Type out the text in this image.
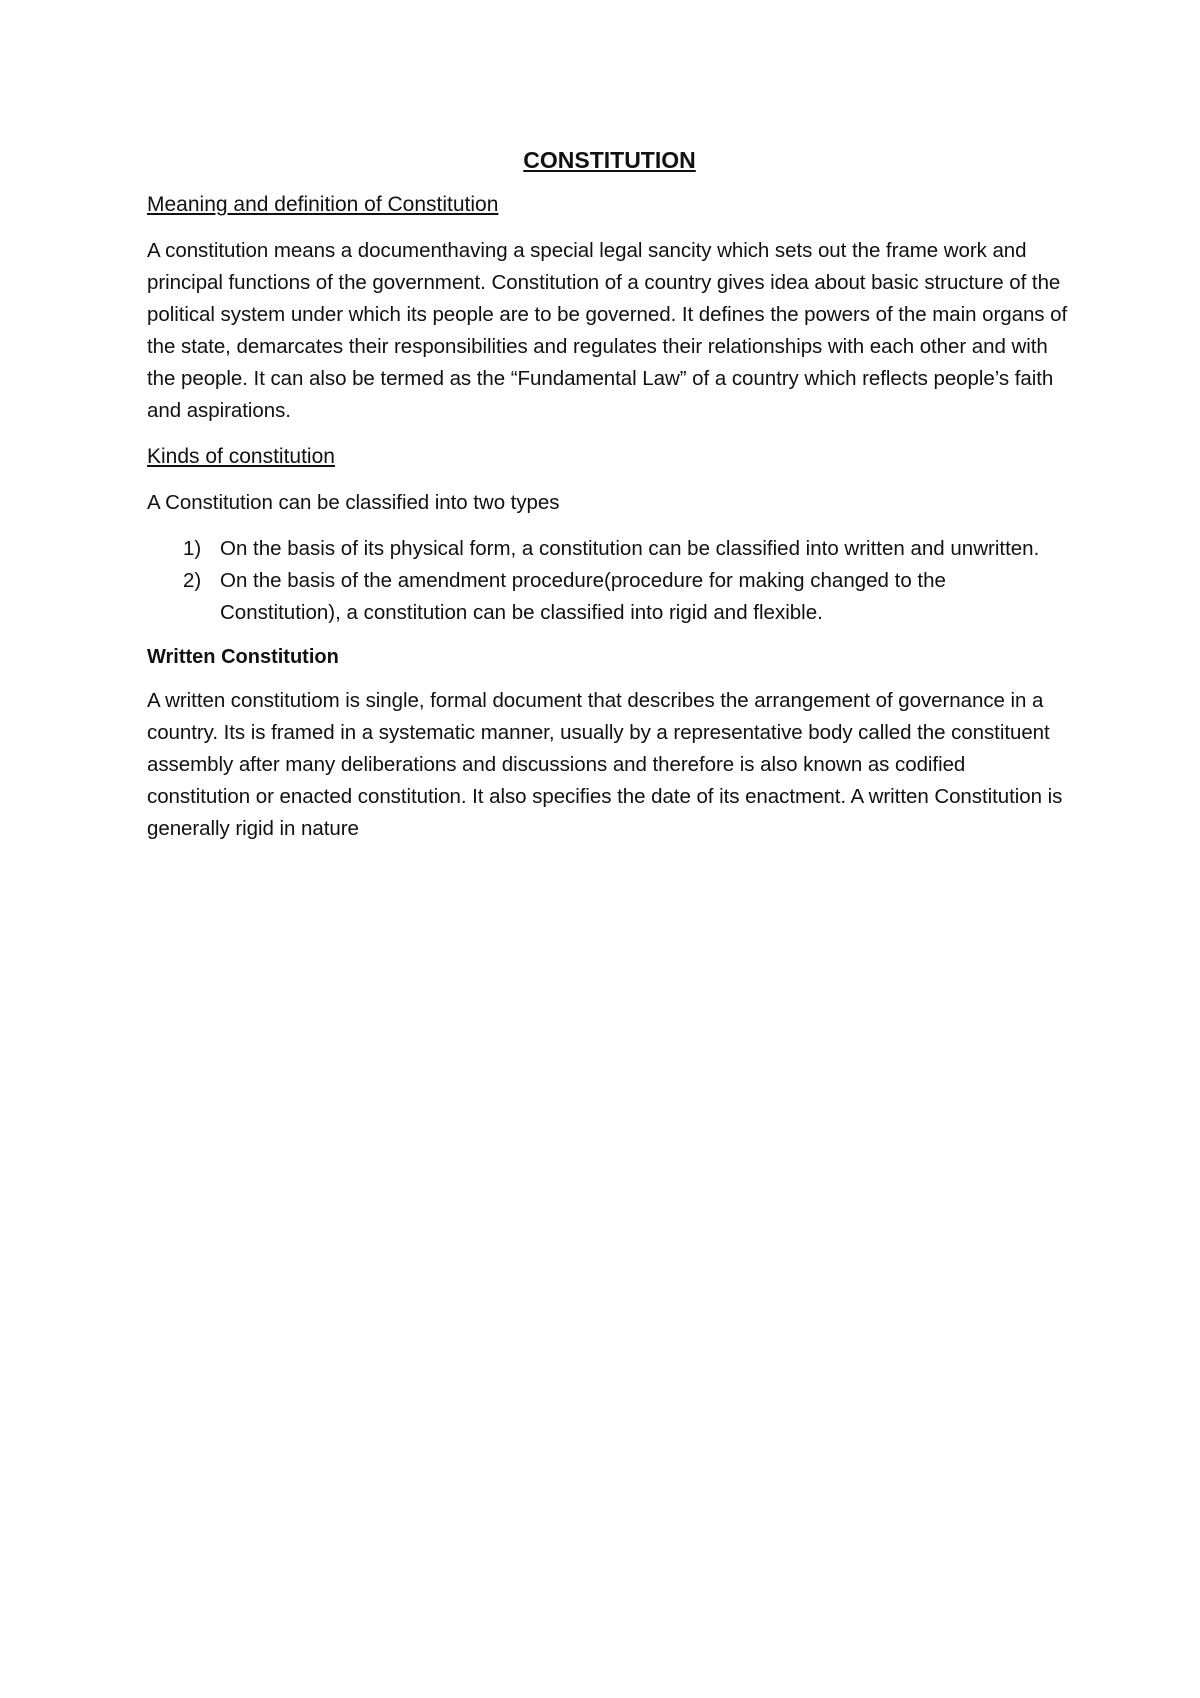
CONSTITUTION
Meaning and definition of Constitution

A constitution means a documenthaving a special legal sancity which sets out the frame work and principal functions of the government. Constitution of a country gives idea about basic structure of the political system under which its people are to be governed. It defines the powers of the main organs of the state, demarcates their responsibilities and regulates their relationships with each other and with the people. It can also be termed as the “Fundamental Law” of a country which reflects people’s faith and aspirations.

Kinds of constitution

A Constitution can be classified into two types

1) On the basis of its physical form, a constitution can be classified into written and unwritten.
2) On the basis of the amendment procedure(procedure for making changed to the Constitution), a constitution can be classified into rigid and flexible.
Written Constitution

A written constitutiom is single, formal document that describes the arrangement of governance in a country. Its is framed in a systematic manner, usually by a representative body called the constituent assembly after many deliberations and discussions and therefore is also known as codified constitution or enacted constitution. It also specifies the date of its enactment. A written Constitution is generally rigid in nature
